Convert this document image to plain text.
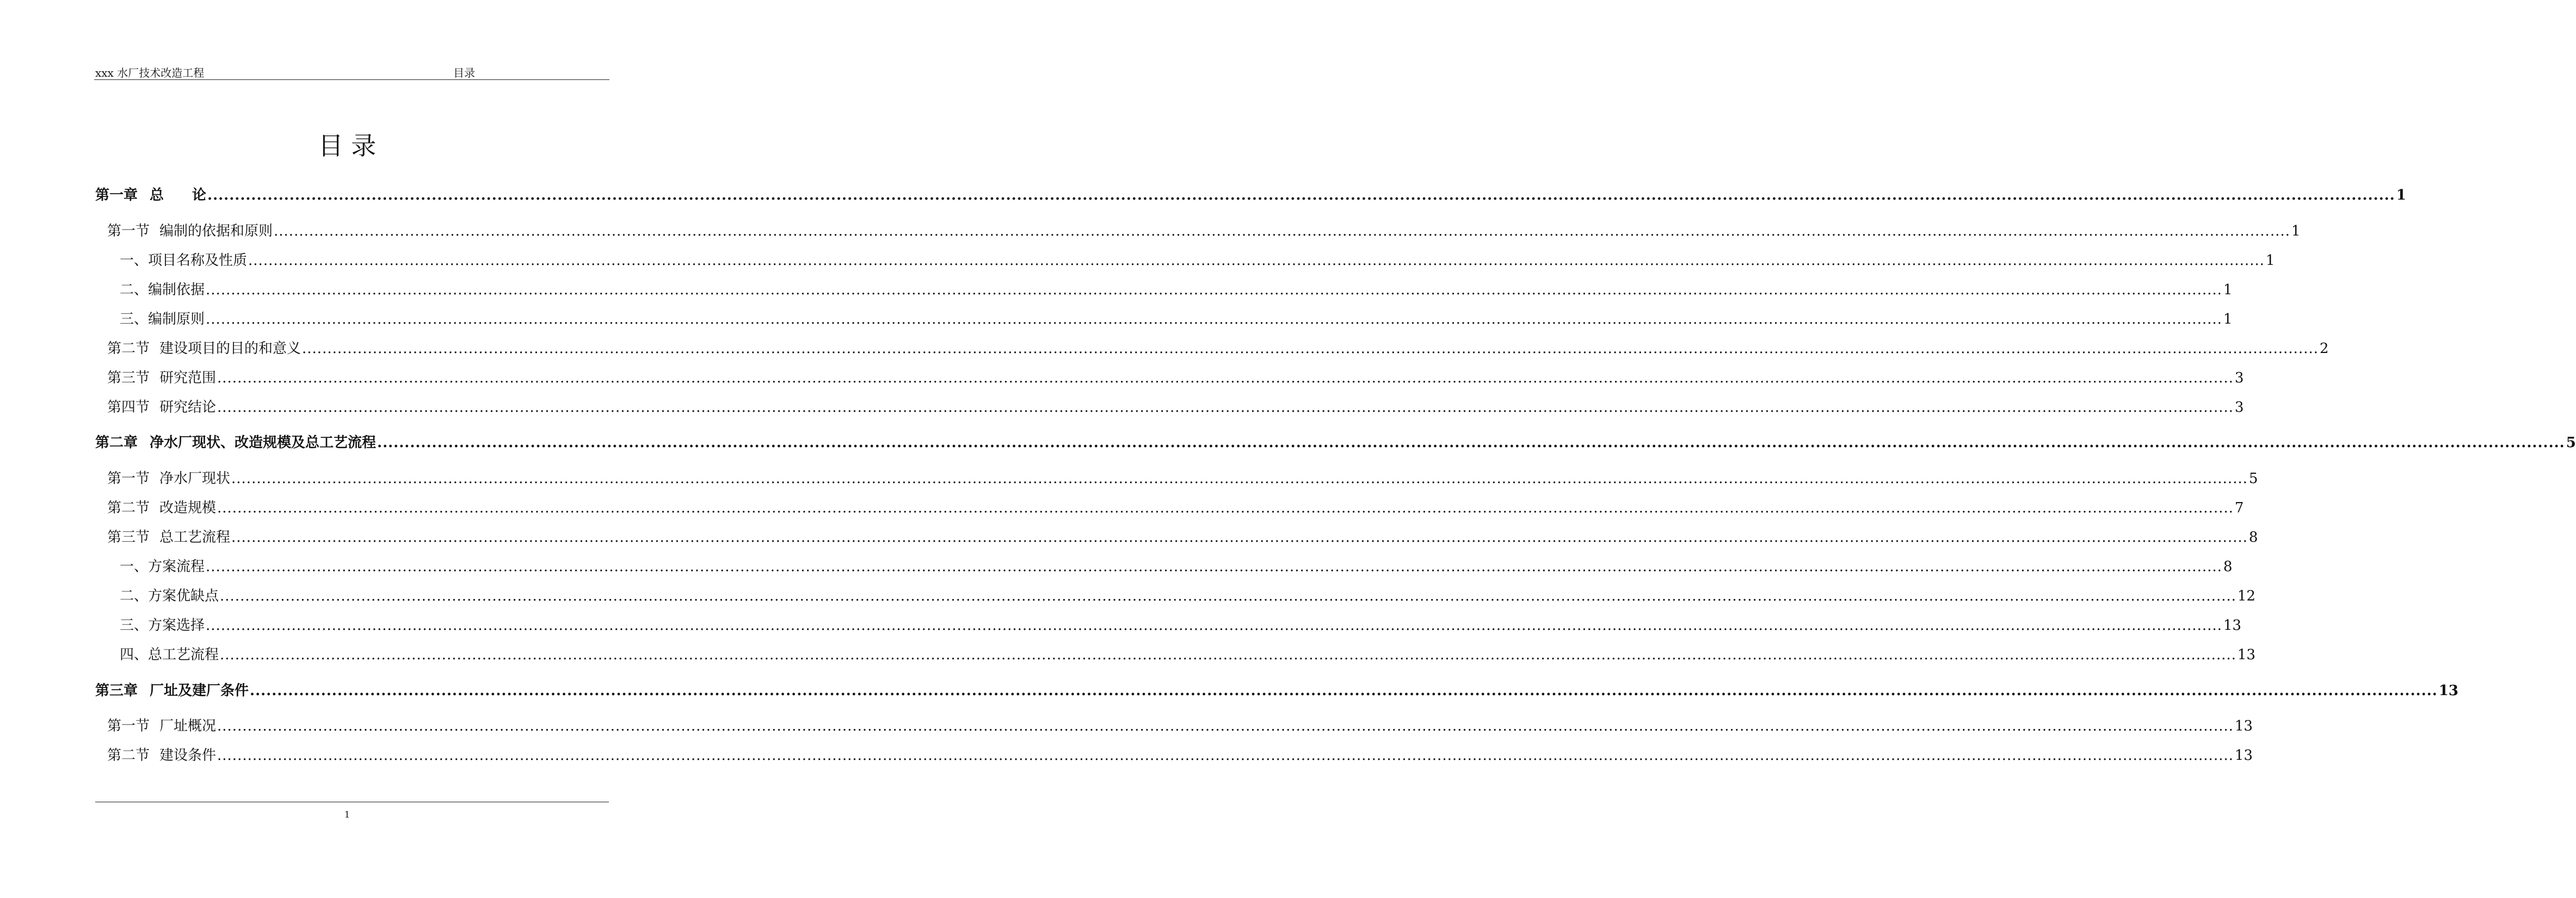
xxx 水厂技术改造工程	目录
目 录
第一章 总　　论 ................................................................................................................................................................................................................................................................................................................................................................................................................ 1
第一节 编制的依据和原则 ................................................................................................................................................................................................................................................................................................................................................................................................................ 1
一、项目名称及性质 ................................................................................................................................................................................................................................................................................................................................................................................................................ 1
二、编制依据 ................................................................................................................................................................................................................................................................................................................................................................................................................ 1
三、编制原则 ................................................................................................................................................................................................................................................................................................................................................................................................................ 1
第二节 建设项目的目的和意义 ................................................................................................................................................................................................................................................................................................................................................................................................................ 2
第三节 研究范围 ................................................................................................................................................................................................................................................................................................................................................................................................................ 3
第四节 研究结论 ................................................................................................................................................................................................................................................................................................................................................................................................................ 3
第二章 净水厂现状、改造规模及总工艺流程 ................................................................................................................................................................................................................................................................................................................................................................................................................ 5
第一节 净水厂现状 ................................................................................................................................................................................................................................................................................................................................................................................................................ 5
第二节 改造规模 ................................................................................................................................................................................................................................................................................................................................................................................................................ 7
第三节 总工艺流程 ................................................................................................................................................................................................................................................................................................................................................................................................................ 8
一、方案流程 ................................................................................................................................................................................................................................................................................................................................................................................................................ 8
二、方案优缺点 ................................................................................................................................................................................................................................................................................................................................................................................................................ 12
三、方案选择 ................................................................................................................................................................................................................................................................................................................................................................................................................ 13
四、总工艺流程 ................................................................................................................................................................................................................................................................................................................................................................................................................ 13
第三章 厂址及建厂条件 ................................................................................................................................................................................................................................................................................................................................................................................................................ 13
第一节 厂址概况 ................................................................................................................................................................................................................................................................................................................................................................................................................ 13
第二节 建设条件 ................................................................................................................................................................................................................................................................................................................................................................................................................ 13
1
